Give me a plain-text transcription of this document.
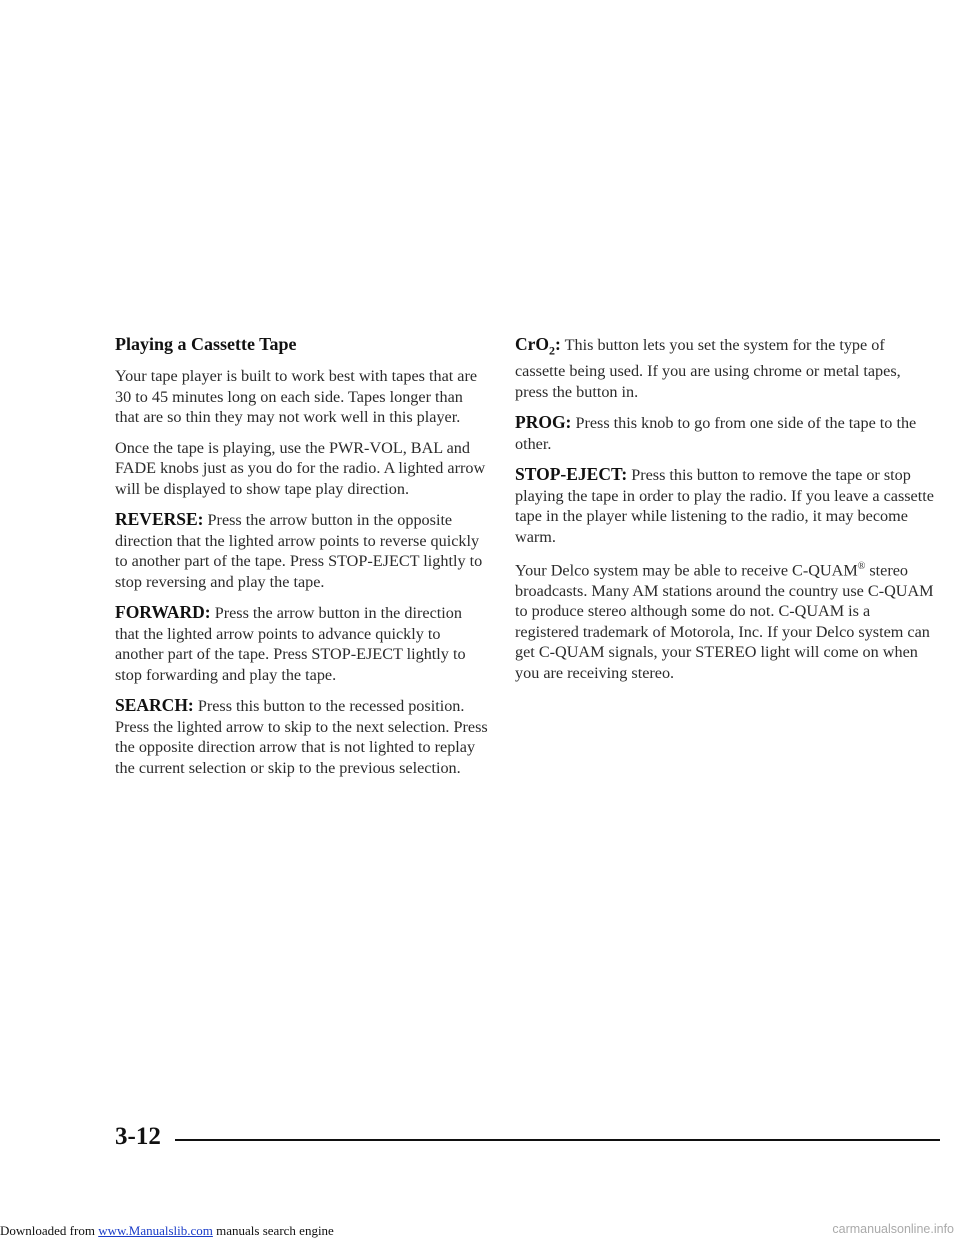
Playing a Cassette Tape

Your tape player is built to work best with tapes that are 30 to 45 minutes long on each side. Tapes longer than that are so thin they may not work well in this player.

Once the tape is playing, use the PWR-VOL, BAL and FADE knobs just as you do for the radio. A lighted arrow will be displayed to show tape play direction.

REVERSE: Press the arrow button in the opposite direction that the lighted arrow points to reverse quickly to another part of the tape. Press STOP-EJECT lightly to stop reversing and play the tape.

FORWARD: Press the arrow button in the direction that the lighted arrow points to advance quickly to another part of the tape. Press STOP-EJECT lightly to stop forwarding and play the tape.

SEARCH: Press this button to the recessed position. Press the lighted arrow to skip to the next selection. Press the opposite direction arrow that is not lighted to replay the current selection or skip to the previous selection.

CrO$_2$: This button lets you set the system for the type of cassette being used. If you are using chrome or metal tapes, press the button in.

PROG: Press this knob to go from one side of the tape to the other.

STOP-EJECT: Press this button to remove the tape or stop playing the tape in order to play the radio. If you leave a cassette tape in the player while listening to the radio, it may become warm.

Your Delco system may be able to receive C-QUAM® stereo broadcasts. Many AM stations around the country use C-QUAM to produce stereo although some do not. C-QUAM is a registered trademark of Motorola, Inc. If your Delco system can get C-QUAM signals, your STEREO light will come on when you are receiving stereo.

3-12
Downloaded from www.Manualslib.com manuals search engine	carmanualsonline.info
